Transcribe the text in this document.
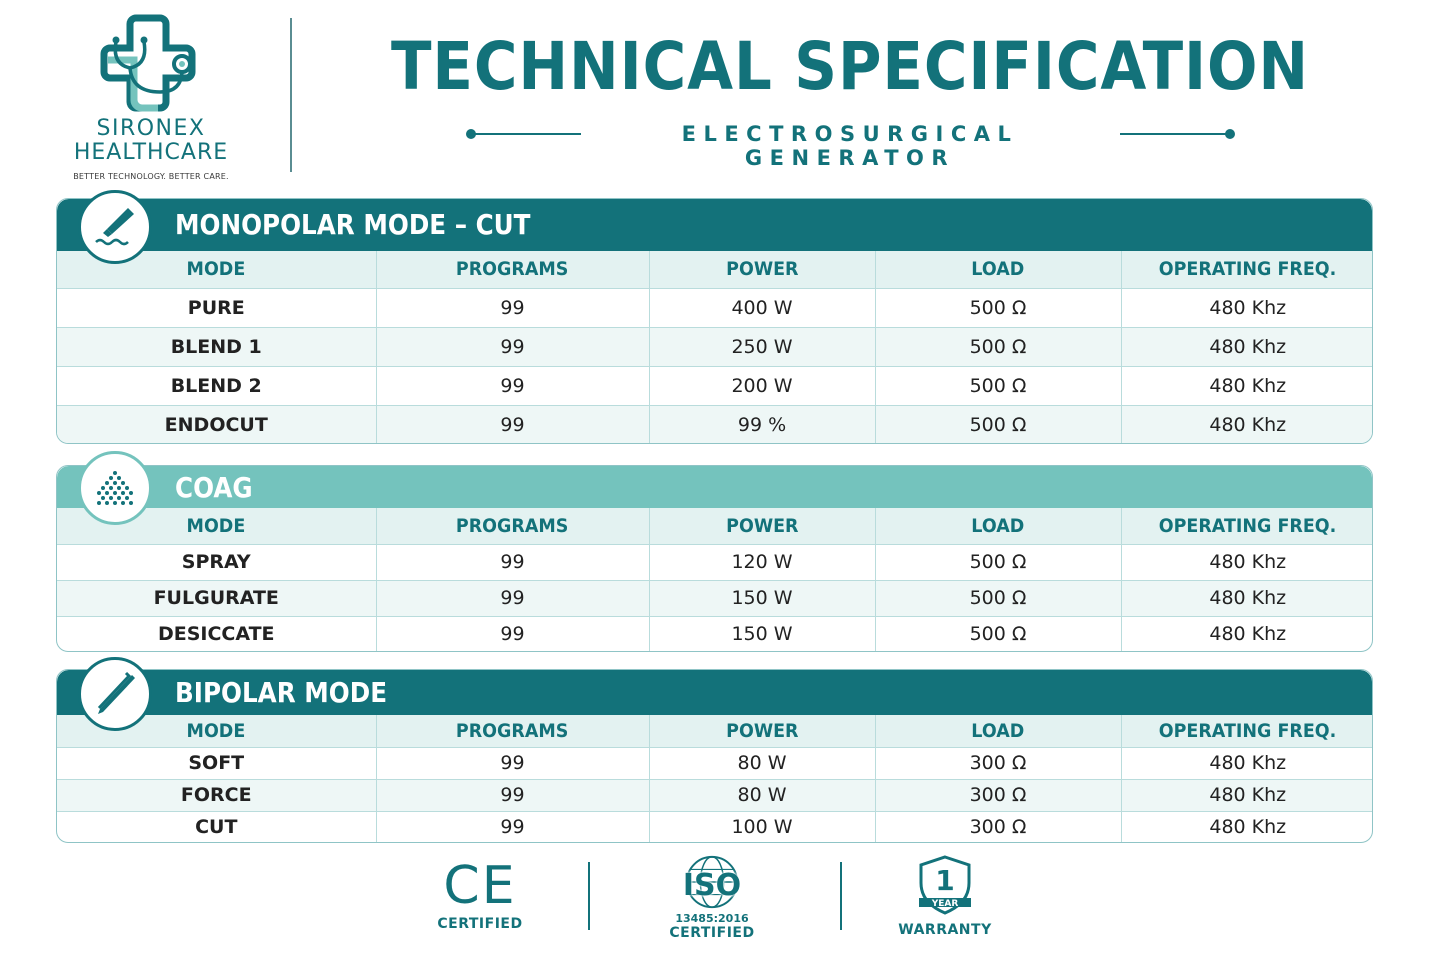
SIRONEX
HEALTHCARE
BETTER TECHNOLOGY. BETTER CARE.
TECHNICAL SPECIFICATION
ELECTROSURGICAL GENERATOR
MONOPOLAR MODE – CUT
MODE	PROGRAMS	POWER	LOAD	OPERATING FREQ.
PURE	99	400 W	500 Ω	480 Khz
BLEND 1	99	250 W	500 Ω	480 Khz
BLEND 2	99	200 W	500 Ω	480 Khz
ENDOCUT	99	99 %	500 Ω	480 Khz
COAG
MODE	PROGRAMS	POWER	LOAD	OPERATING FREQ.
SPRAY	99	120 W	500 Ω	480 Khz
FULGURATE	99	150 W	500 Ω	480 Khz
DESICCATE	99	150 W	500 Ω	480 Khz
BIPOLAR MODE
MODE	PROGRAMS	POWER	LOAD	OPERATING FREQ.
SOFT	99	80 W	300 Ω	480 Khz
FORCE	99	80 W	300 Ω	480 Khz
CUT	99	100 W	300 Ω	480 Khz
CE
CERTIFIED
ISO
13485:2016
CERTIFIED
1
YEAR
WARRANTY
